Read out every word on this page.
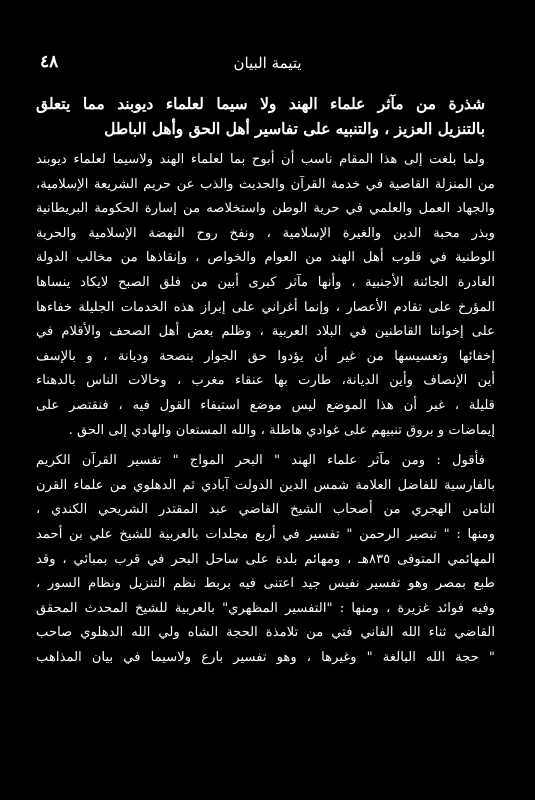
٤٨	يتيمة البيان
شذرة من مآثر علماء الهند ولا سيما لعلماء ديوبند مما يتعلق
بالتنزيل العزيز ، والتنبيه على تفاسير أهل الحق وأهل الباطل
ولما بلغت إلى هذا المقام ناسب أن أبوح بما لعلماء الهند ولاسيما لعلماء ديوبند
من المنزلة القاصية في خدمة القرآن والحديث والذب عن حريم الشريعة الإسلامية،
والجهاد العمل والعلمي في حرية الوطن واستخلاصه من إسارة الحكومة البريطانية
وبذر محبة الدين والغيرة الإسلامية ، ونفخ روح النهضة الإسلامية والحرية
الوطنية في قلوب أهل الهند من العوام والخواص ، وإنقاذها من مخالب الدولة
الغادرة الجائنة الأجنبية ، وأنها مآثر كبرى أبين من فلق الصبح لايكاد ينساها
المؤرخ على تقادم الأعصار ، وإنما أغراني على إبراز هذه الخدمات الجليلة خفاءها
على إخواننا القاطنين في البلاد العربية ، وظلم بعض أهل الصحف والأقلام في
إخفائها وتعسيسها من غير أن يؤدوا حق الجوار بنصحة وديانة ، و بالإسف
أين الإنصاف وأين الديانة، طارت بها عنقاء مغرب ، وخالات الناس بالدهناء
قليلة ، غير أن هذا الموضع ليس موضع استيفاء القول فيه ، فنقتصر على
إيماضات و بروق تنبيهم على غوادي هاطلة ، والله المستعان والهادي إلى الحق .
فأقول : ومن مآثر علماء الهند " البحر المواج " تفسير القرآن الكريم
بالفارسية للفاضل العلامة شمس الدين الدولت آبادي ثم الدهلوي من علماء القرن
الثامن الهجري من أصحاب الشيخ القاضي عبد المقتدر الشريحي الكندي ،
ومنها : " تبصير الرحمن " تفسير في أربع مجلدات بالعربية للشيخ علي بن أحمد
المهائمي المتوفى ٨٣٥هـ ، ومهائم بلدة على ساحل البحر في قرب بمبائي ، وقد
طبع بمصر وهو تفسير نفيس جيد اعتنى فيه بربط نظم التنزيل ونظام السور ،
وفيه فوائد غزيرة ، ومنها : "التفسير المظهري" بالعربية للشيخ المحدث المحقق
القاضي ثناء الله الفاني فتي من تلامذة الحجة الشاه ولي الله الدهلوي صاحب
" حجة الله البالغة " وغيرها ، وهو تفسير بارع ولاسيما في بيان المذاهب
